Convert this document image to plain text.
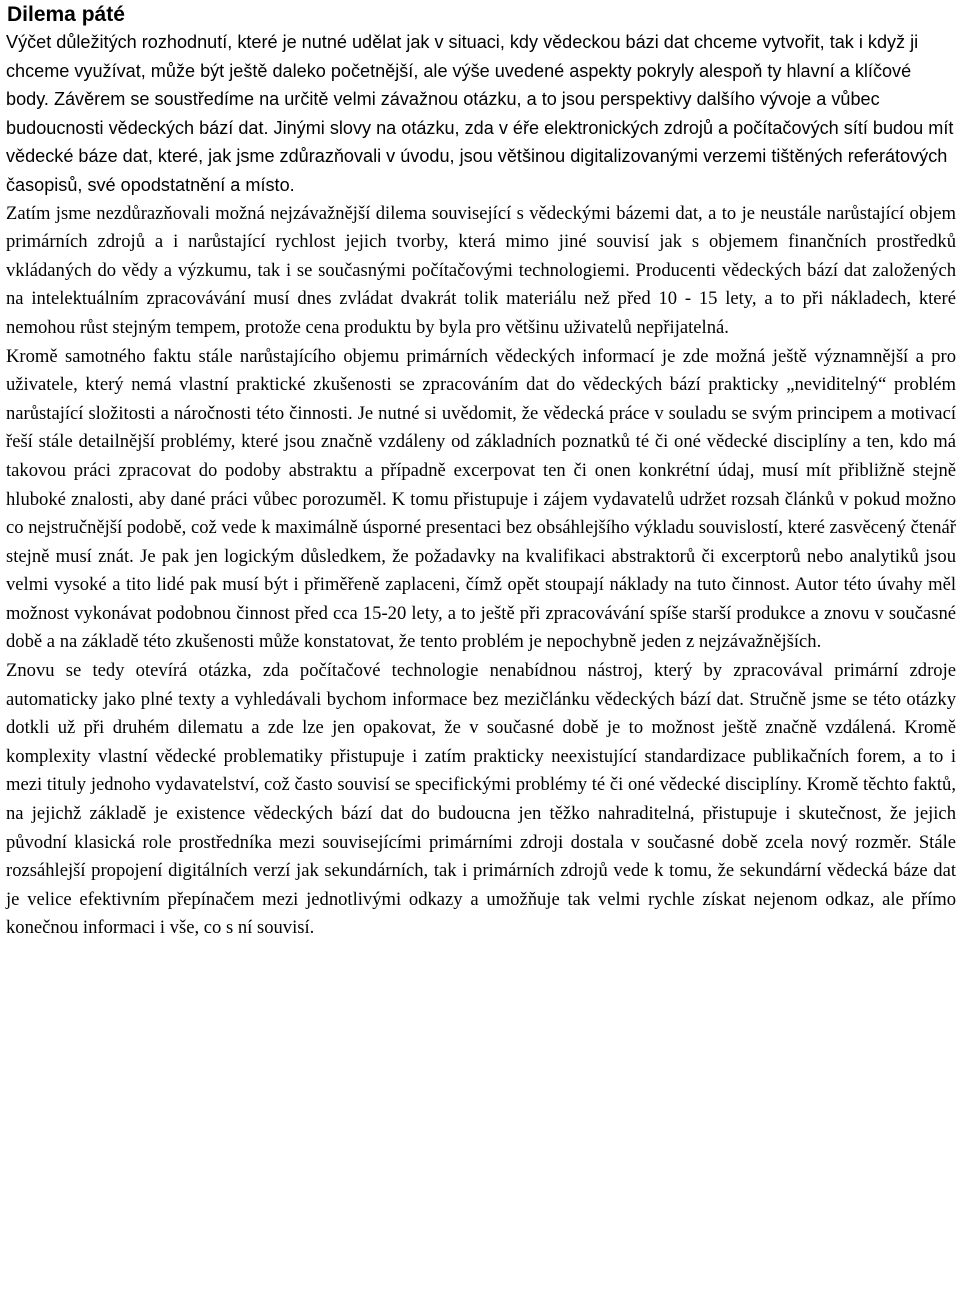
Dilema páté

Výčet důležitých rozhodnutí, které je nutné udělat jak v situaci, kdy vědeckou bázi dat chceme vytvořit, tak i když ji chceme využívat, může být ještě daleko početnější, ale výše uvedené aspekty pokryly alespoň ty hlavní a klíčové body. Závěrem se soustředíme na určitě velmi závažnou otázku, a to jsou perspektivy dalšího vývoje a vůbec budoucnosti vědeckých bází dat. Jinými slovy na otázku, zda v éře elektronických zdrojů a počítačových sítí budou mít vědecké báze dat, které, jak jsme zdůrazňovali v úvodu, jsou většinou digitalizovanými verzemi tištěných referátových časopisů, své opodstatnění a místo.

Zatím jsme nezdůrazňovali možná nejzávažnější dilema související s vědeckými bázemi dat, a to je neustále narůstající objem primárních zdrojů a i narůstající rychlost jejich tvorby, která mimo jiné souvisí jak s objemem finančních prostředků vkládaných do vědy a výzkumu, tak i se současnými počítačovými technologiemi. Producenti vědeckých bází dat založených na intelektuálním zpracovávání musí dnes zvládat dvakrát tolik materiálu než před 10 - 15 lety, a to při nákladech, které nemohou růst stejným tempem, protože cena produktu by byla pro většinu uživatelů nepřijatelná.

Kromě samotného faktu stále narůstajícího objemu primárních vědeckých informací je zde možná ještě významnější a pro uživatele, který nemá vlastní praktické zkušenosti se zpracováním dat do vědeckých bází prakticky „neviditelný“ problém narůstající složitosti a náročnosti této činnosti. Je nutné si uvědomit, že vědecká práce v souladu se svým principem a motivací řeší stále detailnější problémy, které jsou značně vzdáleny od základních poznatků té či oné vědecké disciplíny a ten, kdo má takovou práci zpracovat do podoby abstraktu a případně excerpovat ten či onen konkrétní údaj, musí mít přibližně stejně hluboké znalosti, aby dané práci vůbec porozuměl. K tomu přistupuje i zájem vydavatelů udržet rozsah článků v pokud možno co nejstručnější podobě, což vede k maximálně úsporné presentaci bez obsáhlejšího výkladu souvislostí, které zasvěcený čtenář stejně musí znát. Je pak jen logickým důsledkem, že požadavky na kvalifikaci abstraktorů či excerptorů nebo analytiků jsou velmi vysoké a tito lidé pak musí být i přiměřeně zaplaceni, čímž opět stoupají náklady na tuto činnost. Autor této úvahy měl možnost vykonávat podobnou činnost před cca 15-20 lety, a to ještě při zpracovávání spíše starší produkce a znovu v současné době a na základě této zkušenosti může konstatovat, že tento problém je nepochybně jeden z nejzávažnějších.

Znovu se tedy otevírá otázka, zda počítačové technologie nenabídnou nástroj, který by zpracovával primární zdroje automaticky jako plné texty a vyhledávali bychom informace bez mezičlánku vědeckých bází dat. Stručně jsme se této otázky dotkli už při druhém dilematu a zde lze jen opakovat, že v současné době je to možnost ještě značně vzdálená. Kromě komplexity vlastní vědecké problematiky přistupuje i zatím prakticky neexistující standardizace publikačních forem, a to i mezi tituly jednoho vydavatelství, což často souvisí se specifickými problémy té či oné vědecké disciplíny. Kromě těchto faktů, na jejichž základě je existence vědeckých bází dat do budoucna jen těžko nahraditelná, přistupuje i skutečnost, že jejich původní klasická role prostředníka mezi souvisejícími primárními zdroji dostala v současné době zcela nový rozměr. Stále rozsáhlejší propojení digitálních verzí jak sekundárních, tak i primárních zdrojů vede k tomu, že sekundární vědecká báze dat je velice efektivním přepínačem mezi jednotlivými odkazy a umožňuje tak velmi rychle získat nejenom odkaz, ale přímo konečnou informaci i vše, co s ní souvisí.
